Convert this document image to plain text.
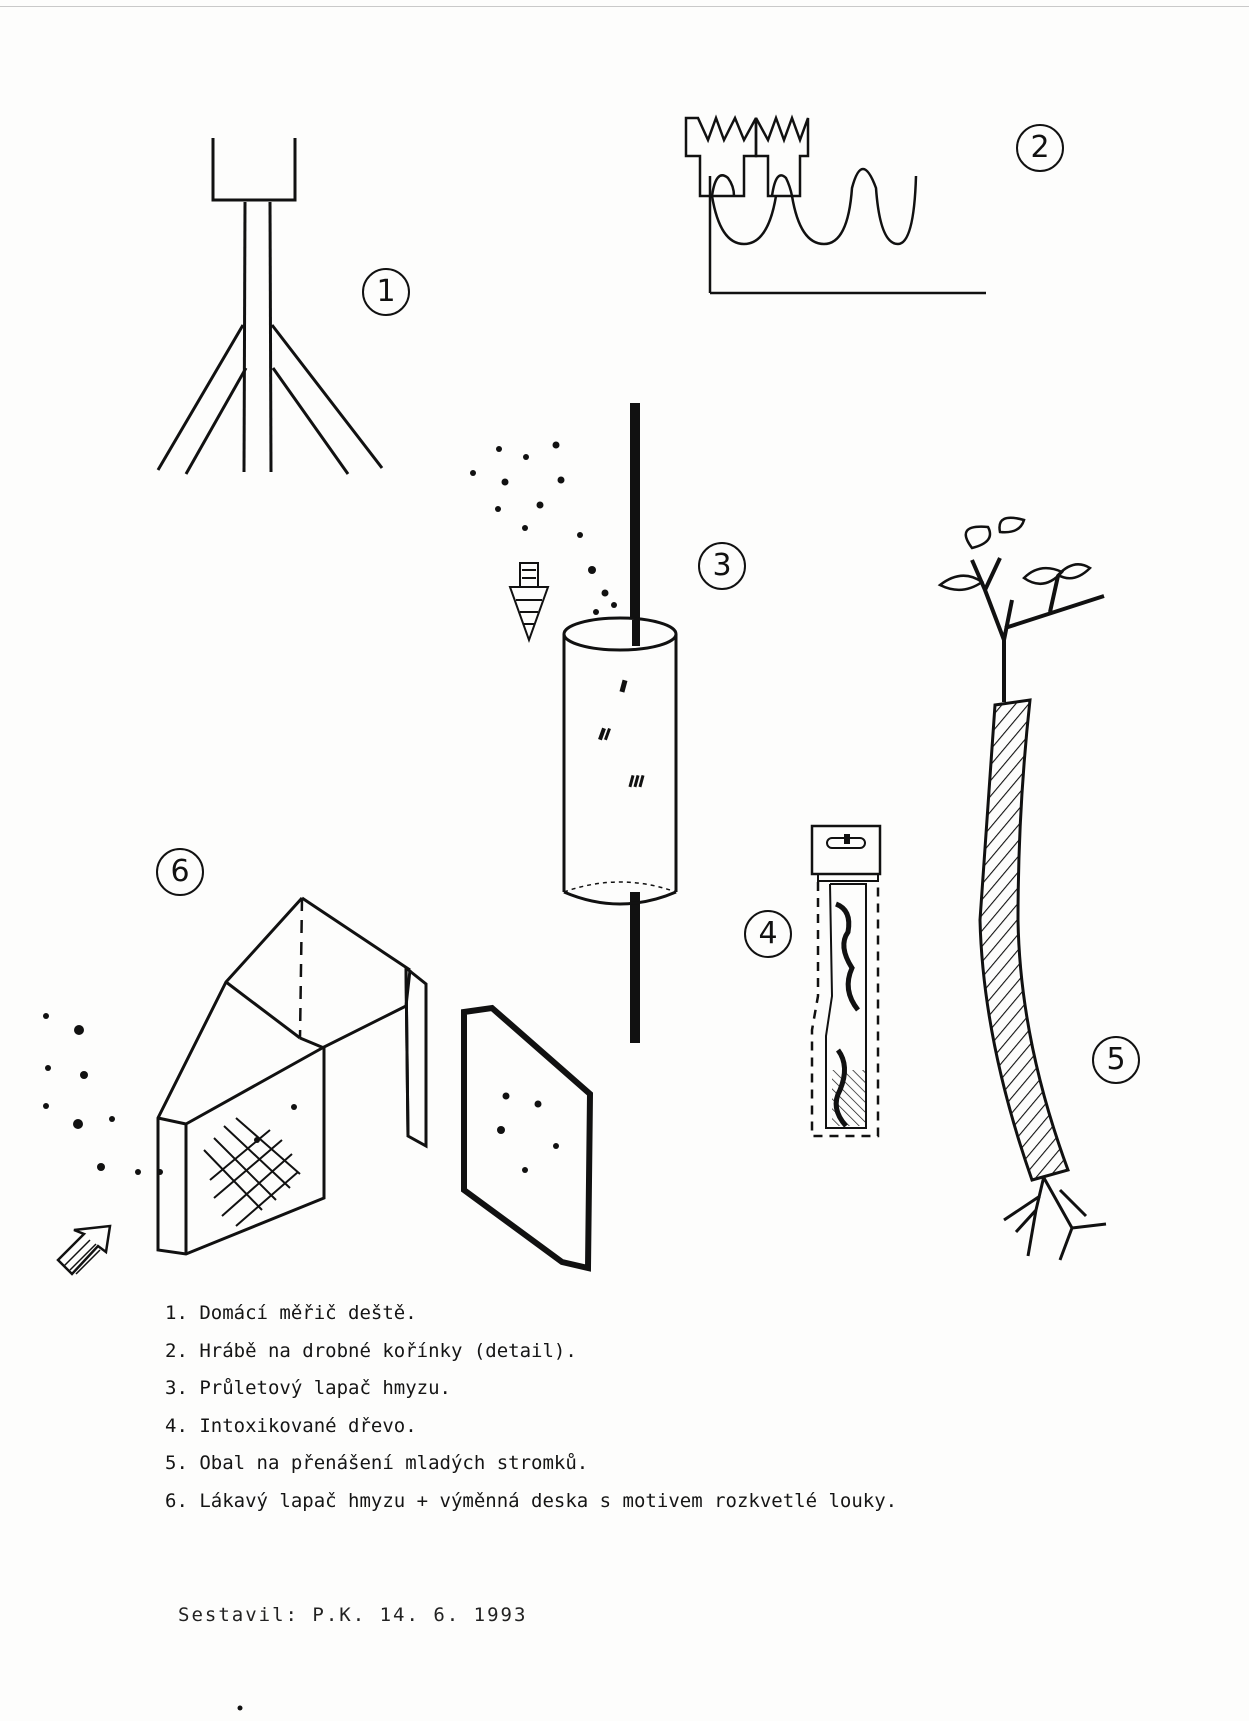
1
2
3
4
5
6
1. Domácí měřič deště.
2. Hrábě na drobné kořínky (detail).
3. Průletový lapač hmyzu.
4. Intoxikované dřevo.
5. Obal na přenášení mladých stromků.
6. Lákavý lapač hmyzu + výměnná deska s motivem rozkvetlé louky.
Sestavil: P.K. 14. 6. 1993
